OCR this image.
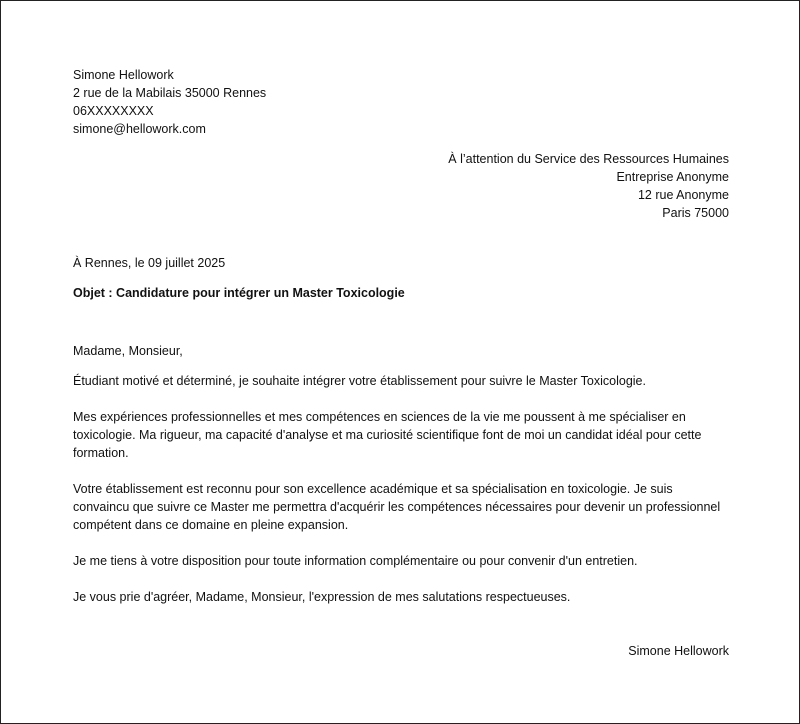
Simone Hellowork
2 rue de la Mabilais 35000 Rennes
06XXXXXXXX
simone@hellowork.com
À l’attention du Service des Ressources Humaines
Entreprise Anonyme
12 rue Anonyme
Paris 75000
À Rennes, le 09 juillet 2025
Objet : Candidature pour intégrer un Master Toxicologie
Madame, Monsieur,

Étudiant motivé et déterminé, je souhaite intégrer votre établissement pour suivre le Master Toxicologie.

Mes expériences professionnelles et mes compétences en sciences de la vie me poussent à me spécialiser en toxicologie. Ma rigueur, ma capacité d'analyse et ma curiosité scientifique font de moi un candidat idéal pour cette formation.

Votre établissement est reconnu pour son excellence académique et sa spécialisation en toxicologie. Je suis convaincu que suivre ce Master me permettra d'acquérir les compétences nécessaires pour devenir un professionnel compétent dans ce domaine en pleine expansion.

Je me tiens à votre disposition pour toute information complémentaire ou pour convenir d'un entretien.

Je vous prie d'agréer, Madame, Monsieur, l'expression de mes salutations respectueuses.

Simone Hellowork
